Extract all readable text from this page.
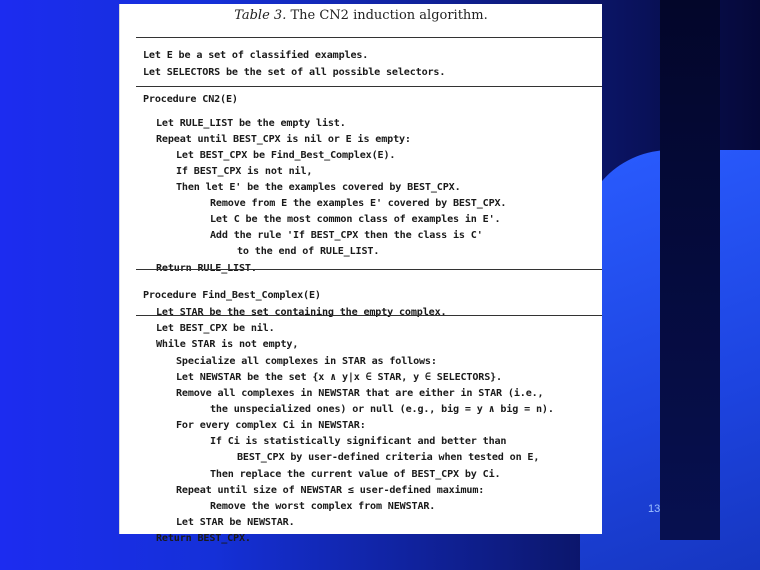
Table 3. The CN2 induction algorithm.
Let E be a set of classified examples.
Let SELECTORS be the set of all possible selectors.
Procedure CN2(E)
Let RULE_LIST be the empty list.
Repeat until BEST_CPX is nil or E is empty:
Let BEST_CPX be Find_Best_Complex(E).
If BEST_CPX is not nil,
Then let E' be the examples covered by BEST_CPX.
Remove from E the examples E' covered by BEST_CPX.
Let C be the most common class of examples in E'.
Add the rule 'If BEST_CPX then the class is C'
to the end of RULE_LIST.
Return RULE_LIST.
Procedure Find_Best_Complex(E)
Let STAR be the set containing the empty complex.
Let BEST_CPX be nil.
While STAR is not empty,
Specialize all complexes in STAR as follows:
Let NEWSTAR be the set {x ∧ y|x ∈ STAR, y ∈ SELECTORS}.
Remove all complexes in NEWSTAR that are either in STAR (i.e.,
the unspecialized ones) or null (e.g., big = y ∧ big = n).
For every complex Ci in NEWSTAR:
If Ci is statistically significant and better than
BEST_CPX by user-defined criteria when tested on E,
Then replace the current value of BEST_CPX by Ci.
Repeat until size of NEWSTAR ≤ user-defined maximum:
Remove the worst complex from NEWSTAR.
Let STAR be NEWSTAR.
Return BEST_CPX.
13
